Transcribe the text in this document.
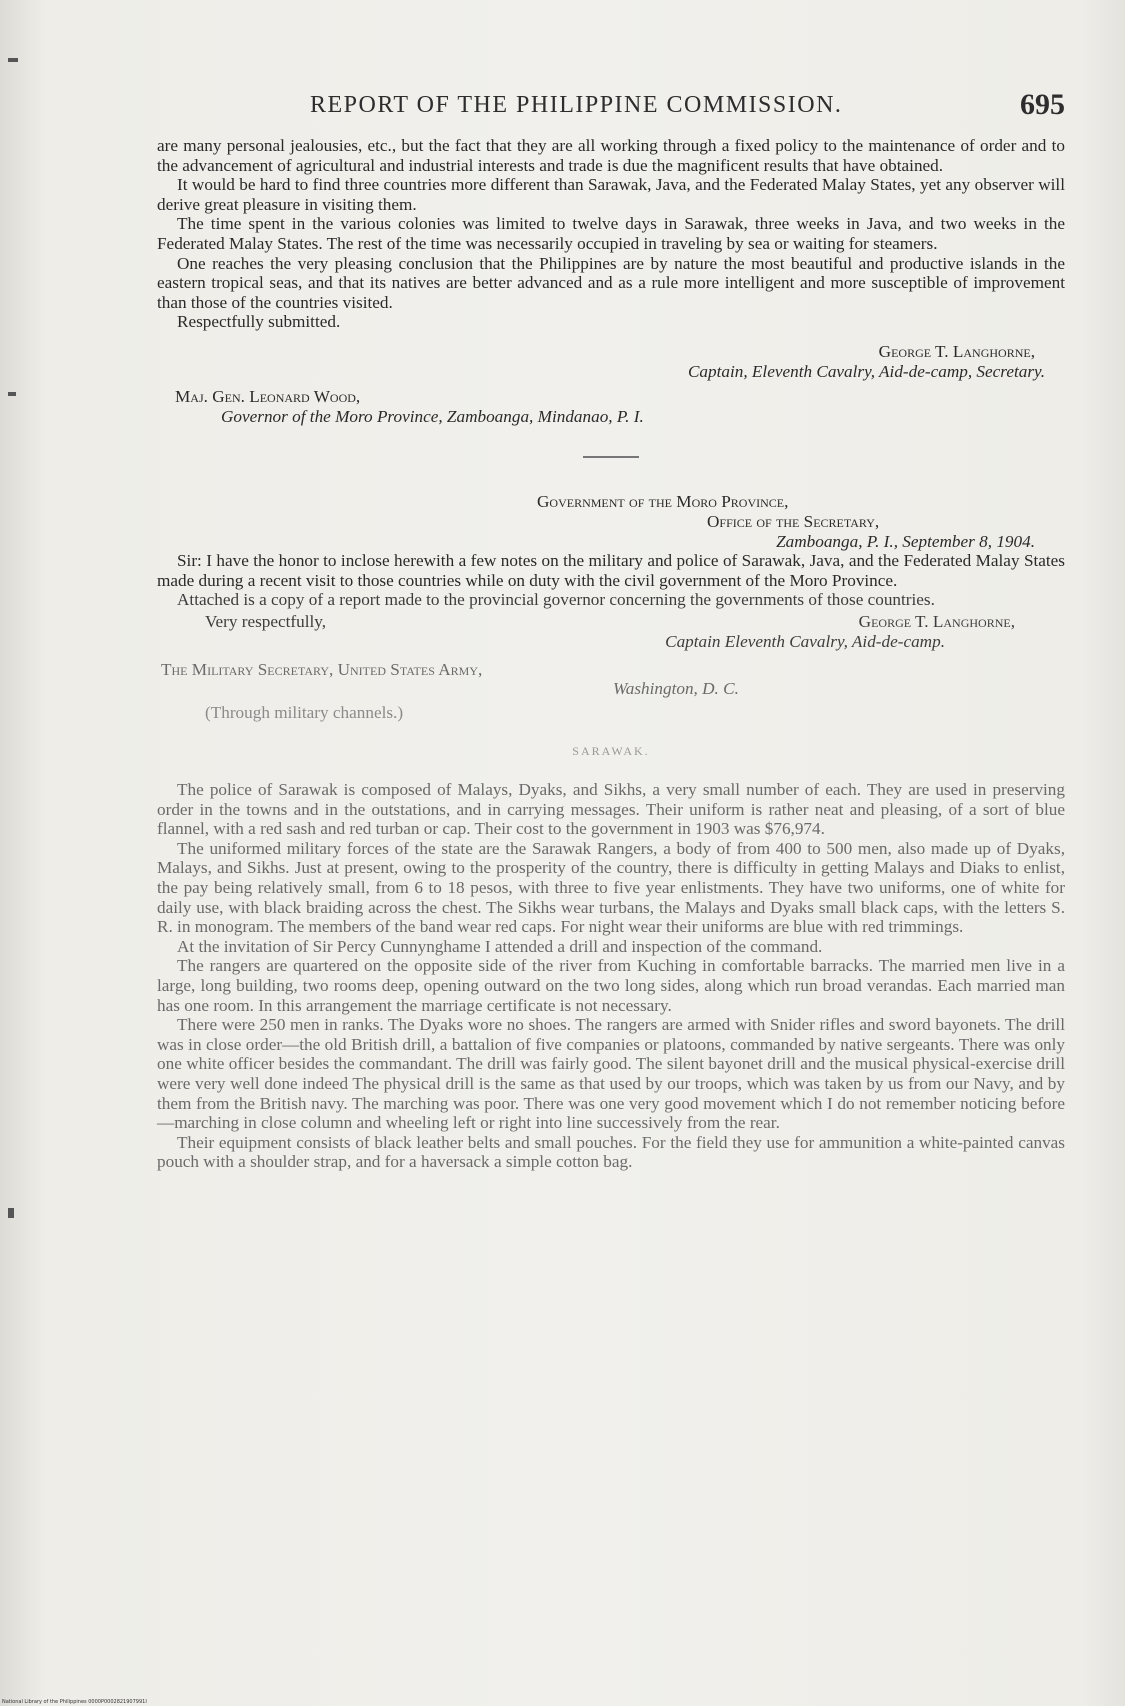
REPORT OF THE PHILIPPINE COMMISSION.	695

are many personal jealousies, etc., but the fact that they are all working through a fixed policy to the maintenance of order and to the advancement of agricultural and industrial interests and trade is due the magnificent results that have obtained.

It would be hard to find three countries more different than Sarawak, Java, and the Federated Malay States, yet any observer will derive great pleasure in visiting them.

The time spent in the various colonies was limited to twelve days in Sarawak, three weeks in Java, and two weeks in the Federated Malay States. The rest of the time was necessarily occupied in traveling by sea or waiting for steamers.

One reaches the very pleasing conclusion that the Philippines are by nature the most beautiful and productive islands in the eastern tropical seas, and that its natives are better advanced and as a rule more intelligent and more susceptible of improvement than those of the countries visited.

Respectfully submitted.

George T. Langhorne,
Captain, Eleventh Cavalry, Aid-de-camp, Secretary.
Maj. Gen. Leonard Wood,
Governor of the Moro Province, Zamboanga, Mindanao, P. I.
Government of the Moro Province,
Office of the Secretary,
Zamboanga, P. I., September 8, 1904.

Sir: I have the honor to inclose herewith a few notes on the military and police of Sarawak, Java, and the Federated Malay States made during a recent visit to those countries while on duty with the civil government of the Moro Province.

Attached is a copy of a report made to the provincial governor concerning the governments of those countries.

Very respectfully,	George T. Langhorne,
Captain Eleventh Cavalry, Aid-de-camp.
The Military Secretary, United States Army,
Washington, D. C.
(Through military channels.)
SARAWAK.

The police of Sarawak is composed of Malays, Dyaks, and Sikhs, a very small number of each. They are used in preserving order in the towns and in the outstations, and in carrying messages. Their uniform is rather neat and pleasing, of a sort of blue flannel, with a red sash and red turban or cap. Their cost to the government in 1903 was $76,974.

The uniformed military forces of the state are the Sarawak Rangers, a body of from 400 to 500 men, also made up of Dyaks, Malays, and Sikhs. Just at present, owing to the prosperity of the country, there is difficulty in getting Malays and Diaks to enlist, the pay being relatively small, from 6 to 18 pesos, with three to five year enlistments. They have two uniforms, one of white for daily use, with black braiding across the chest. The Sikhs wear turbans, the Malays and Dyaks small black caps, with the letters S. R. in monogram. The members of the band wear red caps. For night wear their uniforms are blue with red trimmings.

At the invitation of Sir Percy Cunnynghame I attended a drill and inspection of the command.

The rangers are quartered on the opposite side of the river from Kuching in comfortable barracks. The married men live in a large, long building, two rooms deep, opening outward on the two long sides, along which run broad verandas. Each married man has one room. In this arrangement the marriage certificate is not necessary.

There were 250 men in ranks. The Dyaks wore no shoes. The rangers are armed with Snider rifles and sword bayonets. The drill was in close order—the old British drill, a battalion of five companies or platoons, commanded by native sergeants. There was only one white officer besides the commandant. The drill was fairly good. The silent bayonet drill and the musical physical-exercise drill were very well done indeed The physical drill is the same as that used by our troops, which was taken by us from our Navy, and by them from the British navy. The marching was poor. There was one very good movement which I do not remember noticing before—marching in close column and wheeling left or right into line successively from the rear.

Their equipment consists of black leather belts and small pouches. For the field they use for ammunition a white-painted canvas pouch with a shoulder strap, and for a haversack a simple cotton bag.

National Library of the Philippines 0000P0002821907991I
